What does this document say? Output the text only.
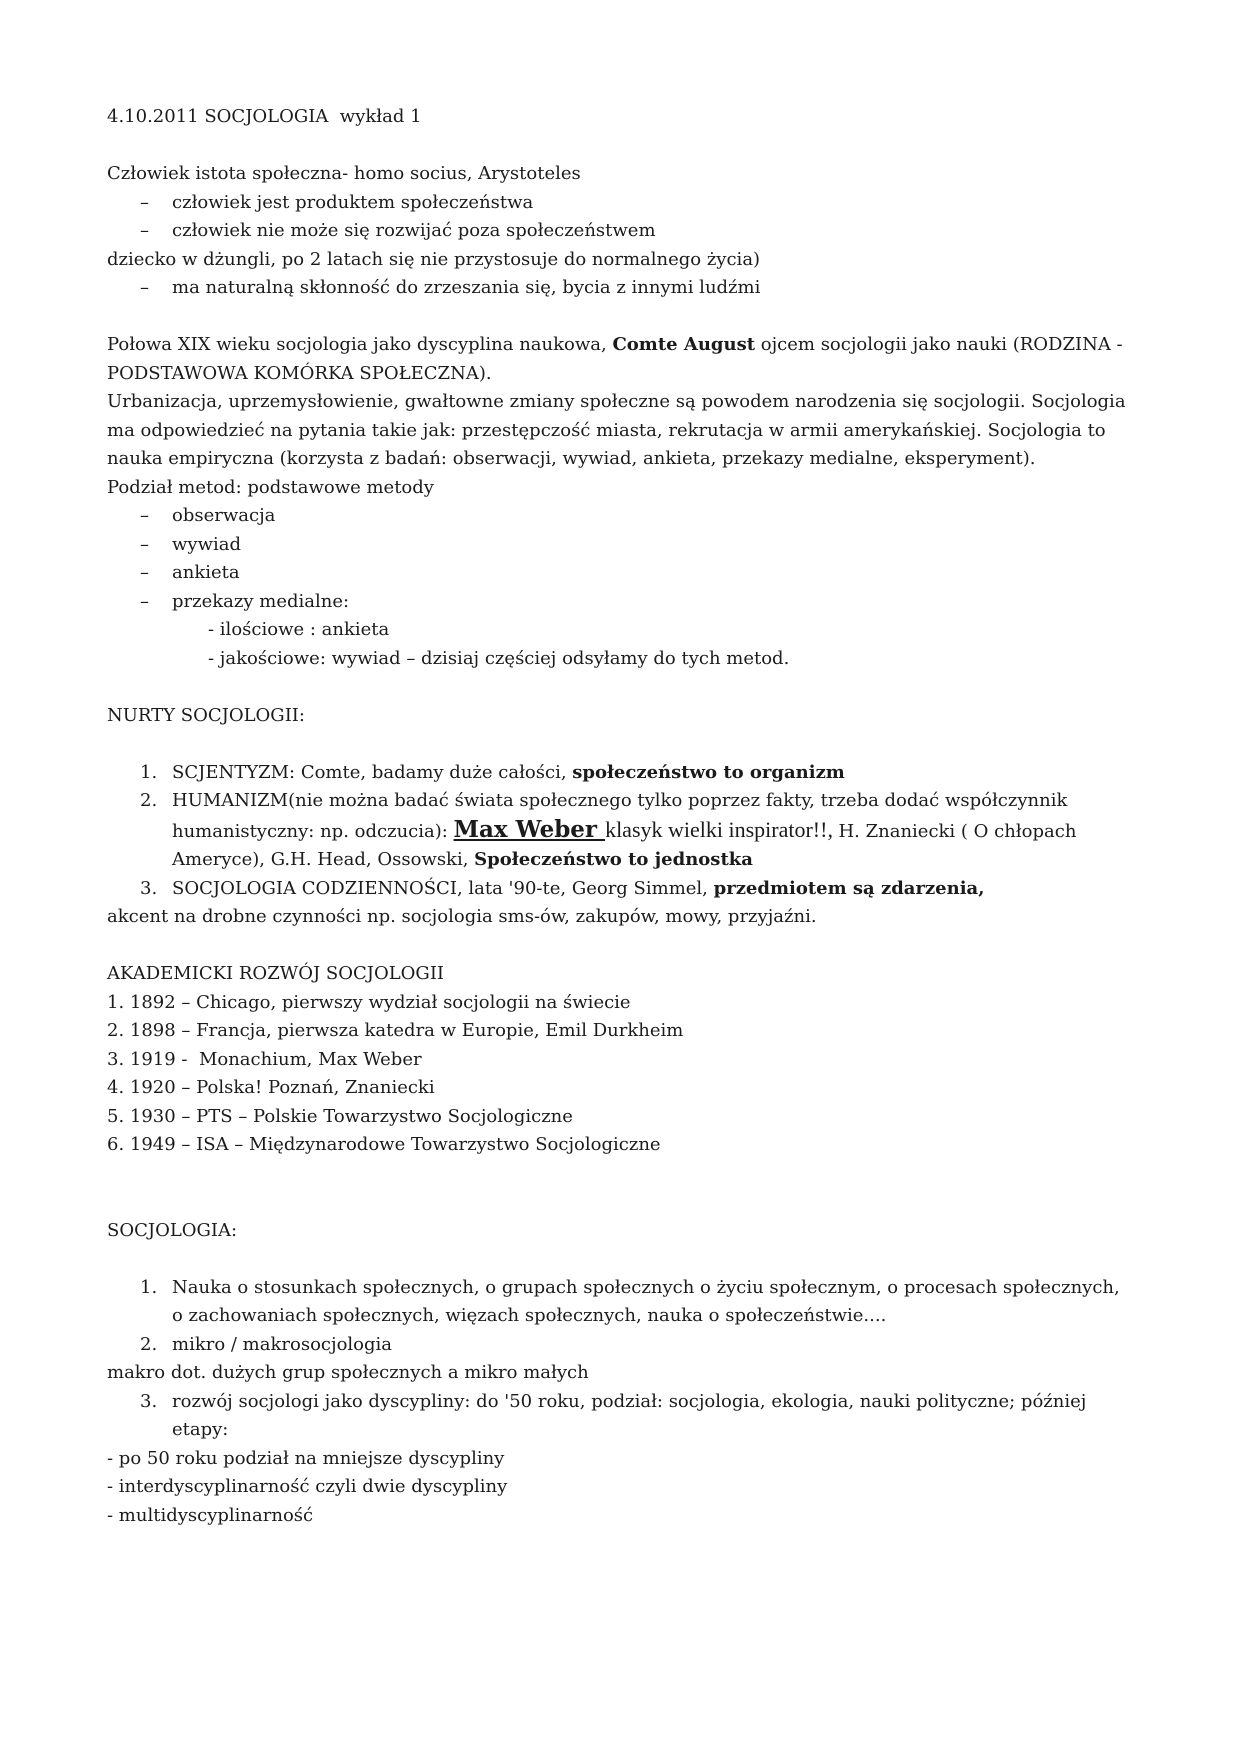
4.10.2011 SOCJOLOGIA  wykład 1
Człowiek istota społeczna- homo socius, Arystoteles
–	człowiek jest produktem społeczeństwa
–	człowiek nie może się rozwijać poza społeczeństwem
dziecko w dżungli, po 2 latach się nie przystosuje do normalnego życia)
–	ma naturalną skłonność do zrzeszania się, bycia z innymi ludźmi
Połowa XIX wieku socjologia jako dyscyplina naukowa, Comte August ojcem socjologii jako nauki (RODZINA - PODSTAWOWA KOMÓRKA SPOŁECZNA).
Urbanizacja, uprzemysłowienie, gwałtowne zmiany społeczne są powodem narodzenia się socjologii. Socjologia ma odpowiedzieć na pytania takie jak: przestępczość miasta, rekrutacja w armii amerykańskiej. Socjologia to nauka empiryczna (korzysta z badań: obserwacji, wywiad, ankieta, przekazy medialne, eksperyment).
Podział metod: podstawowe metody
–	obserwacja
–	wywiad
–	ankieta
–	przekazy medialne:
- ilościowe : ankieta
- jakościowe: wywiad – dzisiaj częściej odsyłamy do tych metod.
NURTY SOCJOLOGII:
1. SCJENTYZM: Comte, badamy duże całości, społeczeństwo to organizm
2. HUMANIZM(nie można badać świata społecznego tylko poprzez fakty, trzeba dodać współczynnik humanistyczny: np. odczucia): Max Weber klasyk wielki inspirator!!, H. Znaniecki ( O chłopach Ameryce), G.H. Head, Ossowski, Społeczeństwo to jednostka
3. SOCJOLOGIA CODZIENNOŚCI, lata '90-te, Georg Simmel, przedmiotem są zdarzenia,
akcent na drobne czynności np. socjologia sms-ów, zakupów, mowy, przyjaźni.
AKADEMICKI ROZWÓJ SOCJOLOGII
1. 1892 – Chicago, pierwszy wydział socjologii na świecie
2. 1898 – Francja, pierwsza katedra w Europie, Emil Durkheim
3. 1919 -  Monachium, Max Weber
4. 1920 – Polska! Poznań, Znaniecki
5. 1930 – PTS – Polskie Towarzystwo Socjologiczne
6. 1949 – ISA – Międzynarodowe Towarzystwo Socjologiczne
SOCJOLOGIA:
1. Nauka o stosunkach społecznych, o grupach społecznych o życiu społecznym, o procesach społecznych, o zachowaniach społecznych, więzach społecznych, nauka o społeczeństwie....
2. mikro / makrosocjologia
makro dot. dużych grup społecznych a mikro małych
3. rozwój socjologi jako dyscypliny: do '50 roku, podział: socjologia, ekologia, nauki polityczne; później etapy:
- po 50 roku podział na mniejsze dyscypliny
- interdyscyplinarność czyli dwie dyscypliny
- multidyscyplinarność
